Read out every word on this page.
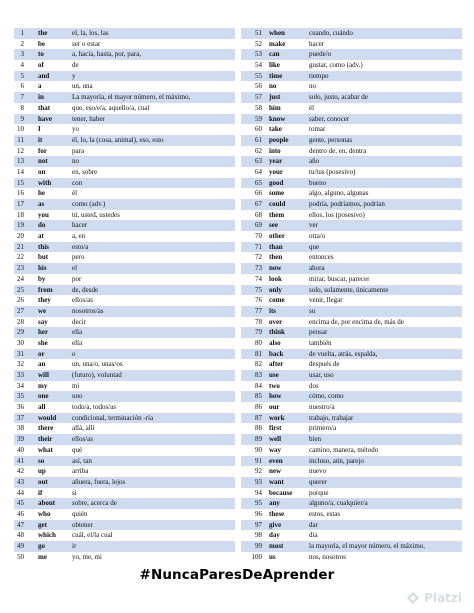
1	the	el, la, los, las
2	be	ser o estar
3	to	a, hacia, hasta, por, para,
4	of	de
5	and	y
6	a	un, una
7	in	La mayoría, el mayor número, el máximo,
8	that	que, eso/e/a, aquello/a, cual
9	have	tener, haber
10	I	yo
11	it	él, lo, la (cosa, animal), eso, esto
12	for	para
13	not	no
14	on	en, sobre
15	with	con
16	he	él
17	as	como (adv.)
18	you	tú, usted, ustedes
19	do	hacer
20	at	a, en
21	this	esto/a
22	but	pero
23	his	el
24	by	por
25	from	de, desde
26	they	ellos/as
27	we	nosotros/as
28	say	decir
29	her	ella
30	she	ella
31	or	o
32	an	un, una/o, unas/os
33	will	(futuro), voluntad
34	my	mi
35	one	uno
36	all	todo/a, todos/as
37	would	condicional, terminación -ría
38	there	allá, allí
39	their	ellos/as
40	what	qué
41	so	así, tan
42	up	arriba
43	out	añuera, fuera, lejos
44	if	si
45	about	sobre, acerca de
46	who	quién
47	get	obtener
48	which	cuál, el/la cual
49	go	ir
50	me	yo, me, mi
51	when	cuando, cuándo
52	make	hacer
53	can	puede/o
54	like	gustar, como (adv.)
55	time	tiempo
56	no	no
57	just	solo, justo, acabar de
58	him	él
59	know	saber, conocer
60	take	tomar
61	people	gente, personas
62	into	dentro de, en, dentra
63	year	año
64	your	tu/tus (posesivo)
65	good	bueno
66	some	algo, alguno, algunas
67	could	podría, podríamos, podrían
68	them	ellos, los (posesivo)
69	see	ver
70	other	otra/o
71	than	que
72	then	entonces
73	now	ahora
74	look	mirar, buscar, parecer
75	only	solo, solamente, únicamente
76	come	venir, llegar
77	its	su
78	over	encima de, por encima de, más de
79	think	pensar
80	also	también
81	back	de vuelta, atrás, espalda,
82	after	después de
83	use	usar, uso
84	two	dos
85	how	cómo, como
86	our	nuestro/a
87	work	trabajo, trabajar
88	first	primero/a
89	well	bien
90	way	camino, manera, método
91	even	incluso, aún, parejo
92	new	nuevo
93	want	querer
94	because	porque
95	any	alguno/a, cualquier/a
96	these	estos, estas
97	give	dar
98	day	día
99	most	la mayoría, el mayor número, el máximo,
100	us	nos, nosotros
#NuncaParesDeAprender
Platzi
